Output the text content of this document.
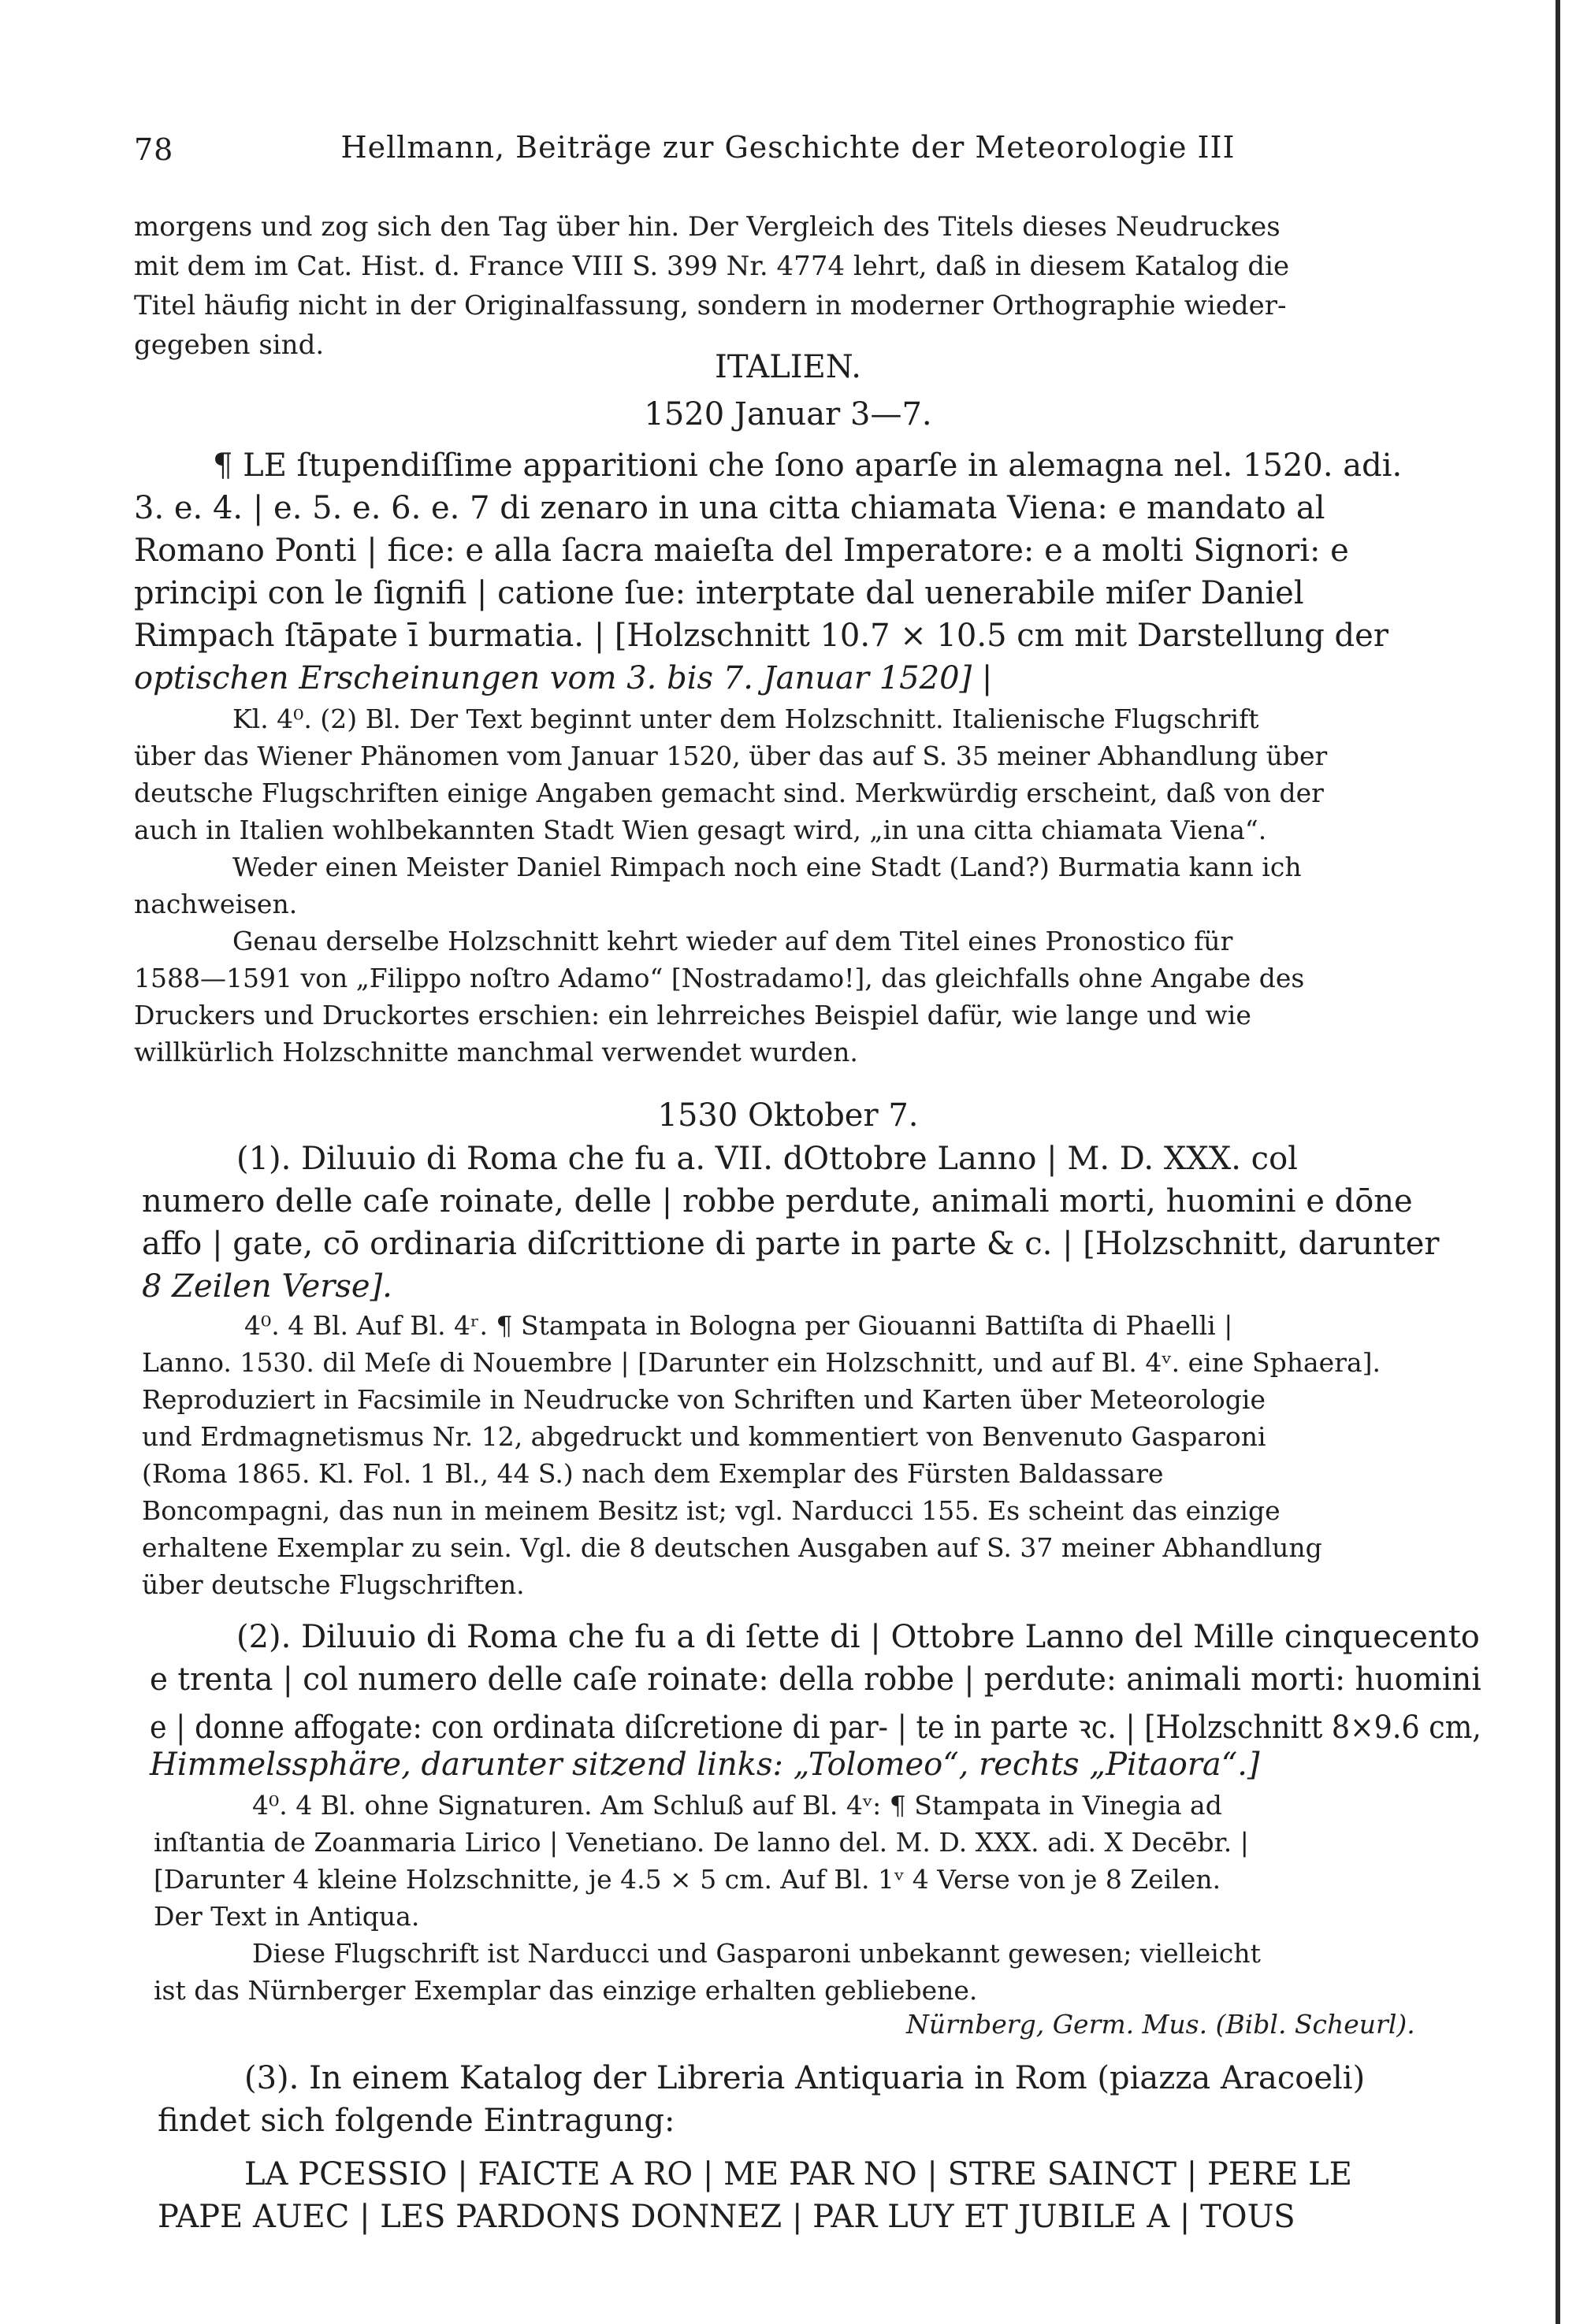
78	Hellmann, Beiträge zur Geschichte der Meteorologie III
morgens und zog sich den Tag über hin. Der Vergleich des Titels dieses Neudruckes
mit dem im Cat. Hist. d. France VIII S. 399 Nr. 4774 lehrt, daß in diesem Katalog die
Titel häufig nicht in der Originalfassung, sondern in moderner Orthographie wieder-
gegeben sind.
ITALIEN.
1520 Januar 3—7.
¶ LE ſtupendiſſime apparitioni che ſono aparſe in alemagna nel. 1520. adi.
3. e. 4. | e. 5. e. 6. e. 7 di zenaro in una citta chiamata Viena: e mandato al
Romano Ponti | fice: e alla ſacra maieſta del Imperatore: e a molti Signori: e
principi con le ſignifi | catione ſue: interptate dal uenerabile miſer Daniel
Rimpach ſtāpate ī burmatia. | [Holzschnitt 10.7 × 10.5 cm mit Darstellung der
optischen Erscheinungen vom 3. bis 7. Januar 1520] |
Kl. 4⁰. (2) Bl. Der Text beginnt unter dem Holzschnitt. Italienische Flugschrift
über das Wiener Phänomen vom Januar 1520, über das auf S. 35 meiner Abhandlung über
deutsche Flugschriften einige Angaben gemacht sind. Merkwürdig erscheint, daß von der
auch in Italien wohlbekannten Stadt Wien gesagt wird, „in una citta chiamata Viena“.
Weder einen Meister Daniel Rimpach noch eine Stadt (Land?) Burmatia kann ich
nachweisen.
Genau derselbe Holzschnitt kehrt wieder auf dem Titel eines Pronostico für
1588—1591 von „Filippo noſtro Adamo“ [Nostradamo!], das gleichfalls ohne Angabe des
Druckers und Druckortes erschien: ein lehrreiches Beispiel dafür, wie lange und wie
willkürlich Holzschnitte manchmal verwendet wurden.
1530 Oktober 7.
(1). Diluuio di Roma che fu a. VII. dOttobre Lanno | M. D. XXX. col
numero delle caſe roinate, delle | robbe perdute, animali morti, huomini e dōne
affo | gate, cō ordinaria diſcrittione di parte in parte & c. | [Holzschnitt, darunter
8 Zeilen Verse].
4⁰. 4 Bl. Auf Bl. 4ʳ. ¶ Stampata in Bologna per Giouanni Battiſta di Phaelli |
Lanno. 1530. dil Meſe di Nouembre | [Darunter ein Holzschnitt, und auf Bl. 4ᵛ. eine Sphaera].
Reproduziert in Facsimile in Neudrucke von Schriften und Karten über Meteorologie
und Erdmagnetismus Nr. 12, abgedruckt und kommentiert von Benvenuto Gasparoni
(Roma 1865. Kl. Fol. 1 Bl., 44 S.) nach dem Exemplar des Fürsten Baldassare
Boncompagni, das nun in meinem Besitz ist; vgl. Narducci 155. Es scheint das einzige
erhaltene Exemplar zu sein. Vgl. die 8 deutschen Ausgaben auf S. 37 meiner Abhandlung
über deutsche Flugschriften.
(2). Diluuio di Roma che fu a di ſette di | Ottobre Lanno del Mille cinquecento
e trenta | col numero delle caſe roinate: della robbe | perdute: animali morti: huomini
e | donne affogate: con ordinata diſcretione di par- | te in parte ꝛc. | [Holzschnitt 8×9.6 cm,
Himmelssphäre, darunter sitzend links: „Tolomeo“, rechts „Pitaora“.]
4⁰. 4 Bl. ohne Signaturen. Am Schluß auf Bl. 4ᵛ: ¶ Stampata in Vinegia ad
inſtantia de Zoanmaria Lirico | Venetiano. De lanno del. M. D. XXX. adi. X Decēbr. |
[Darunter 4 kleine Holzschnitte, je 4.5 × 5 cm. Auf Bl. 1ᵛ 4 Verse von je 8 Zeilen.
Der Text in Antiqua.
Diese Flugschrift ist Narducci und Gasparoni unbekannt gewesen; vielleicht
ist das Nürnberger Exemplar das einzige erhalten gebliebene.
Nürnberg, Germ. Mus. (Bibl. Scheurl).
(3). In einem Katalog der Libreria Antiquaria in Rom (piazza Aracoeli)
findet sich folgende Eintragung:
LA PCESSIO | FAICTE A RO | ME PAR NO | STRE SAINCT | PERE LE
PAPE AUEC | LES PARDONS DONNEZ | PAR LUY ET JUBILE A | TOUS
